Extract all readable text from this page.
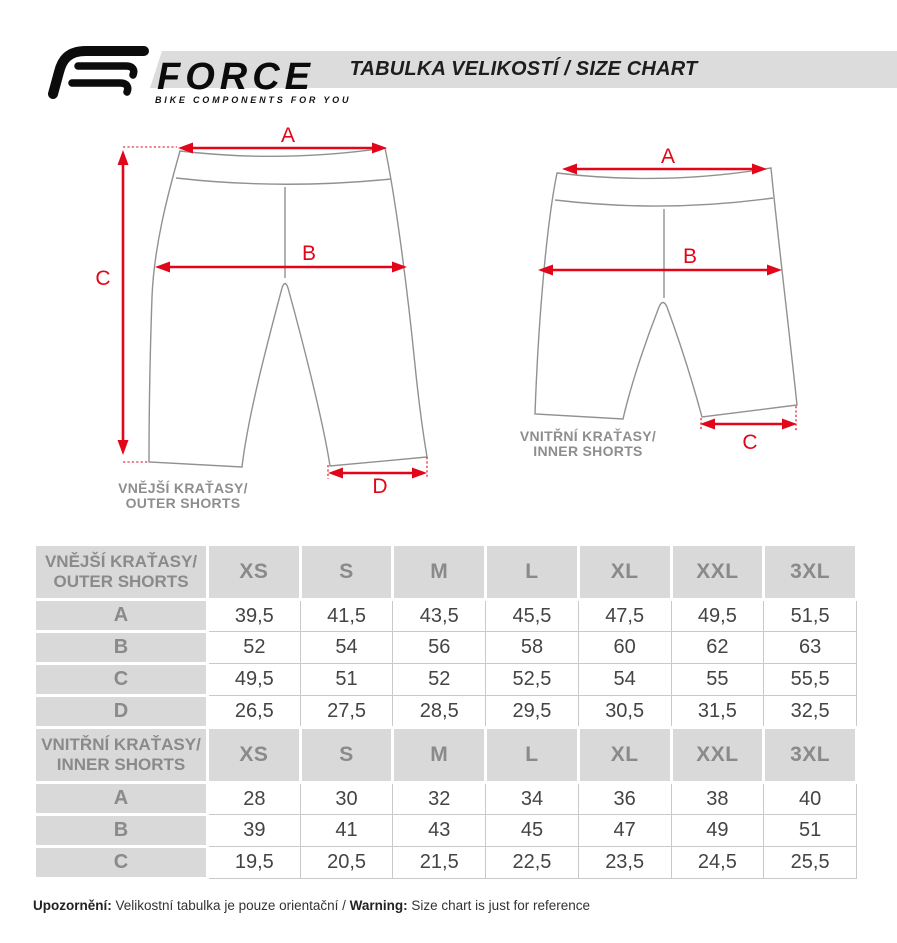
TABULKA VELIKOSTÍ / SIZE CHART
FORCE
BIKE COMPONENTS FOR YOU
A
B
C
D
VNĚJŠÍ KRAŤASY/
OUTER SHORTS
A
B
C
VNITŘNÍ KRAŤASY/
INNER SHORTS
VNĚJŠÍ KRAŤASY/
OUTER SHORTS	XS	S	M	L	XL	XXL	3XL
A	39,5	41,5	43,5	45,5	47,5	49,5	51,5
B	52	54	56	58	60	62	63
C	49,5	51	52	52,5	54	55	55,5
D	26,5	27,5	28,5	29,5	30,5	31,5	32,5

VNITŘNÍ KRAŤASY/
INNER SHORTS	XS	S	M	L	XL	XXL	3XL
A	28	30	32	34	36	38	40
B	39	41	43	45	47	49	51
C	19,5	20,5	21,5	22,5	23,5	24,5	25,5
Upozornění: Velikostní tabulka je pouze orientační / Warning: Size chart is just for reference
